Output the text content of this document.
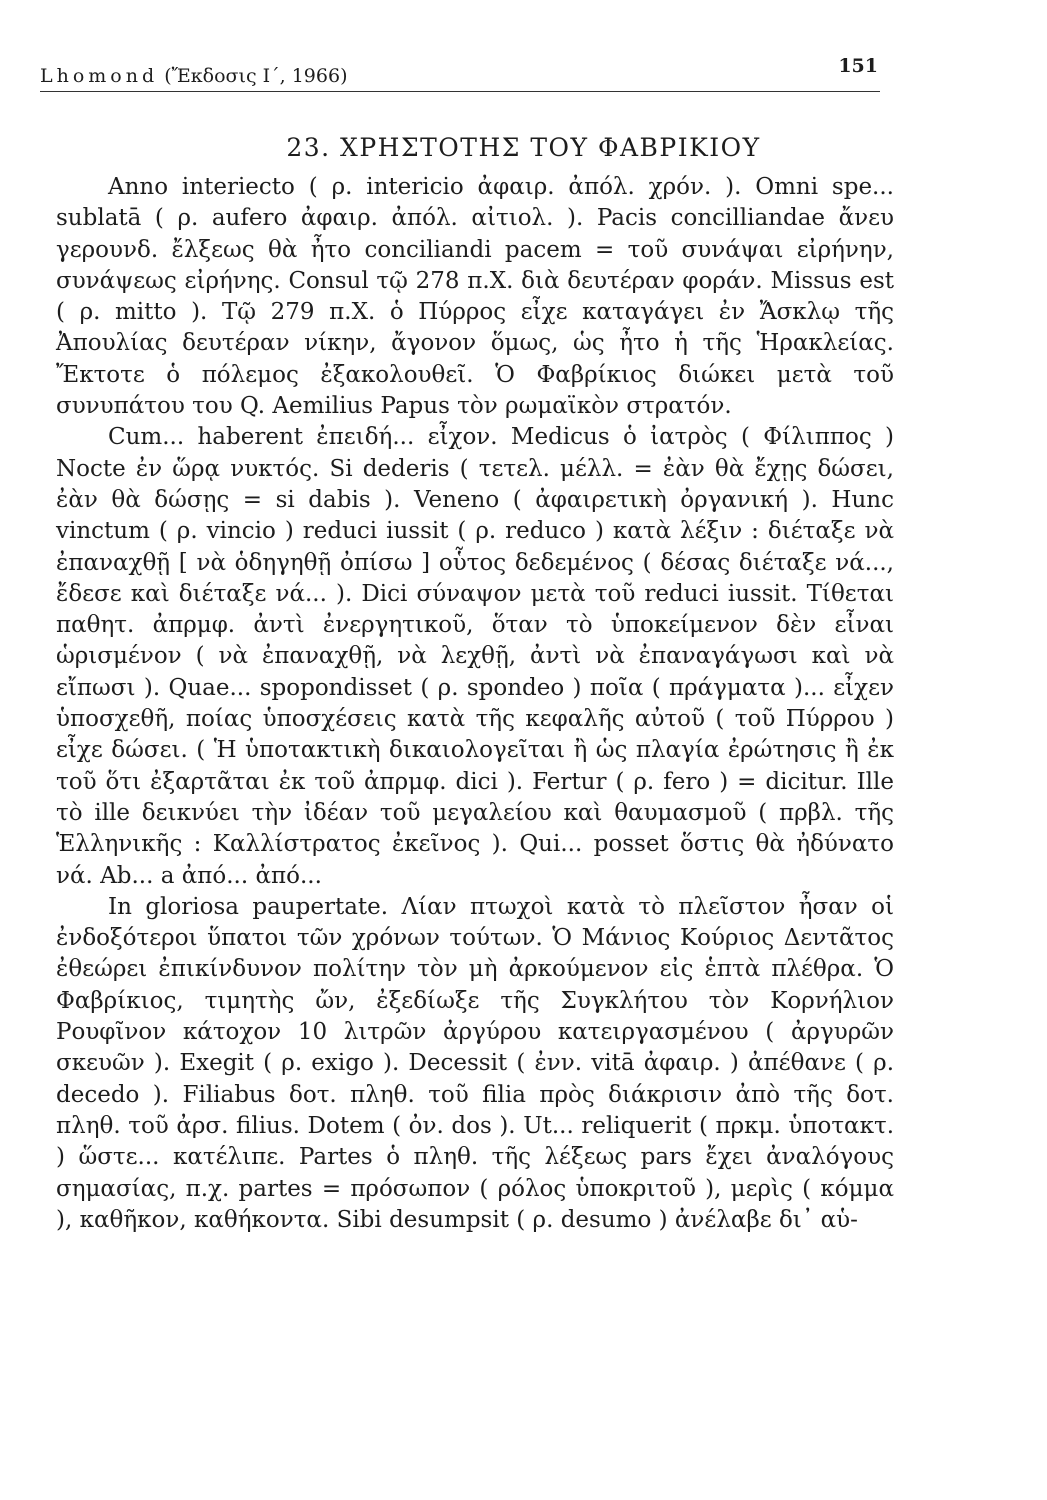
Lhomond (Ἔκδοσις Ι΄, 1966)	151
23. ΧΡΗΣΤΟΤΗΣ ΤΟΥ ΦΑΒΡΙΚΙΟΥ

Anno interiecto ( ρ. intericio ἀφαιρ. ἀπόλ. χρόν. ). Omni spe... sublatā ( ρ. aufero ἀφαιρ. ἀπόλ. αἰτιολ. ). Pacis concilliandae ἄνευ γερουνδ. ἔλξεως θὰ ἦτο conciliandi pacem = τοῦ συνάψαι εἰρήνην, συνάψεως εἰρήνης. Consul τῷ 278 π.Χ. διὰ δευτέραν φοράν. Missus est ( ρ. mitto ). Τῷ 279 π.Χ. ὁ Πύρρος εἶχε καταγάγει ἐν Ἄσκλῳ τῆς Ἀπουλίας δευτέραν νίκην, ἄγονον ὅμως, ὡς ἦτο ἡ τῆς Ἡρακλείας. Ἔκτοτε ὁ πόλεμος ἐξακολουθεῖ. Ὁ Φαβρίκιος διώκει μετὰ τοῦ συνυπάτου του Q. Aemilius Papus τὸν ρωμαϊκὸν στρατόν.

Cum... haberent ἐπειδή... εἶχον. Medicus ὁ ἰατρὸς ( Φίλιππος ) Nocte ἐν ὥρᾳ νυκτός. Si dederis ( τετελ. μέλλ. = ἐὰν θὰ ἔχῃς δώσει, ἐὰν θὰ δώσῃς = si dabis ). Veneno ( ἀφαιρετικὴ ὀργανική ). Hunc vinctum ( ρ. vincio ) reduci iussit ( ρ. reduco ) κατὰ λέξιν : διέταξε νὰ ἐπαναχθῇ [ νὰ ὁδηγηθῇ ὀπίσω ] οὗτος δεδεμένος ( δέσας διέταξε νά..., ἔδεσε καὶ διέταξε νά... ). Dici σύναψον μετὰ τοῦ reduci iussit. Τίθεται παθητ. ἀπρμφ. ἀντὶ ἐνεργητικοῦ, ὅταν τὸ ὑποκείμενον δὲν εἶναι ὡρισμένον ( νὰ ἐπαναχθῇ, νὰ λεχθῇ, ἀντὶ νὰ ἐπαναγάγωσι καὶ νὰ εἴπωσι ). Quae... spopondisset ( ρ. spondeo ) ποῖα ( πράγματα )... εἶχεν ὑποσχεθῆ, ποίας ὑποσχέσεις κατὰ τῆς κεφαλῆς αὐτοῦ ( τοῦ Πύρρου ) εἶχε δώσει. ( Ἡ ὑποτακτικὴ δικαιολογεῖται ἢ ὡς πλαγία ἐρώτησις ἢ ἐκ τοῦ ὅτι ἐξαρτᾶται ἐκ τοῦ ἀπρμφ. dici ). Fertur ( ρ. fero ) = dicitur. Ille τὸ ille δεικνύει τὴν ἰδέαν τοῦ μεγαλείου καὶ θαυμασμοῦ ( πρβλ. τῆς Ἑλληνικῆς : Καλλίστρατος ἐκεῖνος ). Qui... posset ὅστις θὰ ἠδύνατο νά. Ab... a ἀπό... ἀπό...

In gloriosa paupertate. Λίαν πτωχοὶ κατὰ τὸ πλεῖστον ἦσαν οἱ ἐνδοξότεροι ὕπατοι τῶν χρόνων τούτων. Ὁ Μάνιος Κούριος Δεντᾶτος ἐθεώρει ἐπικίνδυνον πολίτην τὸν μὴ ἀρκούμενον εἰς ἑπτὰ πλέθρα. Ὁ Φαβρίκιος, τιμητὴς ὤν, ἐξεδίωξε τῆς Συγκλήτου τὸν Κορνήλιον Ρουφῖνον κάτοχον 10 λιτρῶν ἀργύρου κατειργασμένου ( ἀργυρῶν σκευῶν ). Exegit ( ρ. exigo ). Decessit ( ἐνν. vitā ἀφαιρ. ) ἀπέθανε ( ρ. decedo ). Filiabus δοτ. πληθ. τοῦ filia πρὸς διάκρισιν ἀπὸ τῆς δοτ. πληθ. τοῦ ἀρσ. filius. Dotem ( ὀν. dos ). Ut... reliquerit ( πρκμ. ὑποτακτ. ) ὥστε... κατέλιπε. Partes ὁ πληθ. τῆς λέξεως pars ἔχει ἀναλόγους σημασίας, π.χ. partes = πρόσωπον ( ρόλος ὑποκριτοῦ ), μερὶς ( κόμμα ), καθῆκον, καθήκοντα. Sibi desumpsit ( ρ. desumo ) ἀνέλαβε δι᾽ αὑ-
